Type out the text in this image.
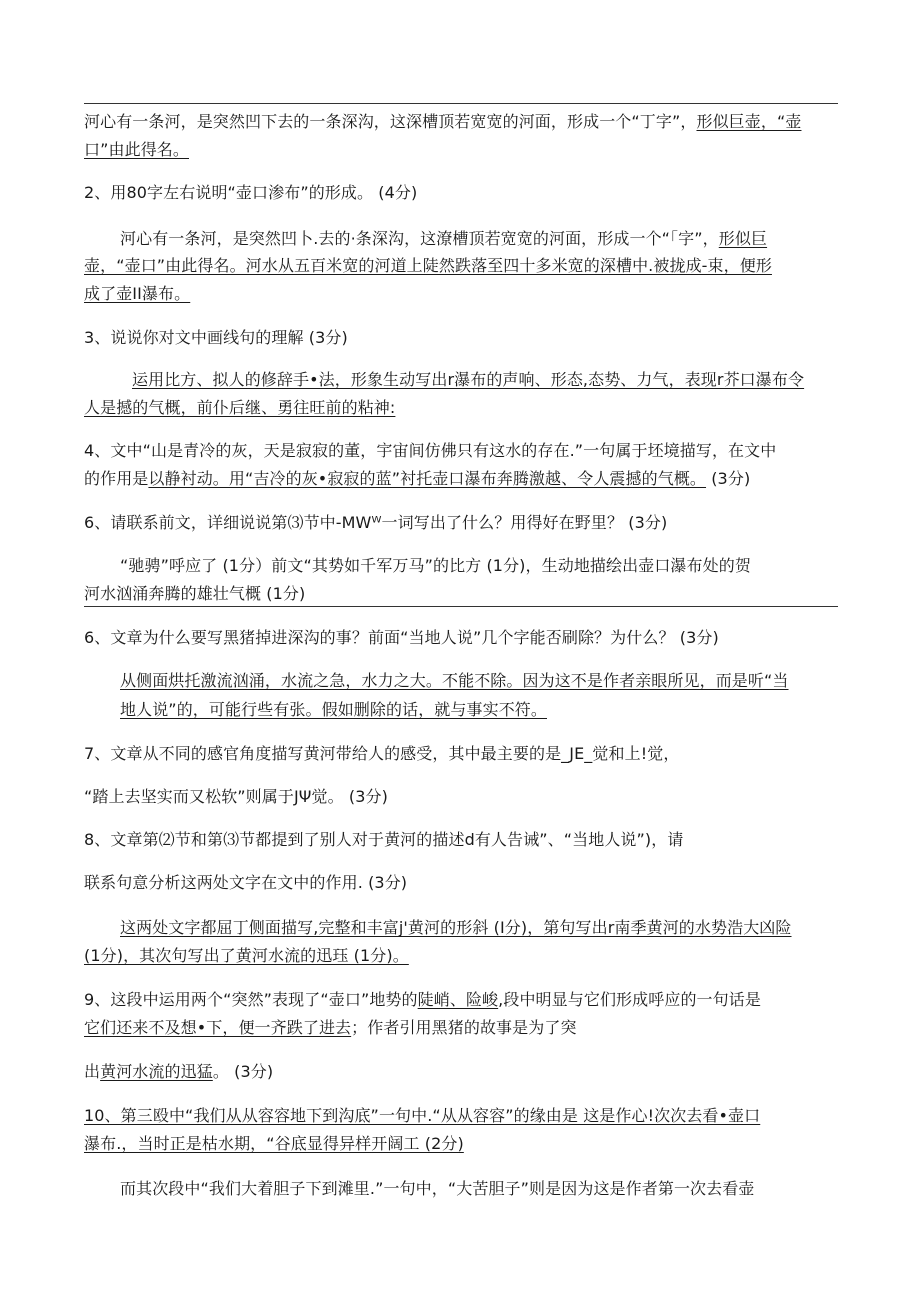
河心有一条河，是突然凹下去的一条深沟，这深槽顶若宽宽的河面，形成一个“丁字”，形似巨壶，“壶

口”由此得名。

2、用80字左右说明“壶口渗布”的形成。 (4分)

河心有一条河，是突然凹卜.去的·条深沟，这潦槽顶若宽宽的河面，形成一个“「字”，形似巨

壶，“壶口”由此得名。河水从五百米宽的河道上陡然跌落至四十多米宽的深槽中.被拢成-束，便形

成了壶II瀑布。

3、说说你对文中画线句的理解 (3分)

运用比方、拟人的修辞手•法，形象生动写出r瀑布的声响、形态,态势、力气，表现r芥口瀑布令

人是撼的气概，前仆后继、勇往旺前的粘神:

4、文中“山是青冷的灰，天是寂寂的董，宇宙间仿佛只有这水的存在.”一句属于坯境描写，在文中

的作用是以静衬动。用“吉冷的灰•寂寂的蓝”衬托壶口瀑布奔腾激越、令人震撼的气概。 (3分)

6、请联系前文，详细说说第⑶节中-MWᵂ一词写出了什么？用得好在野里？ (3分)

“驰骋”呼应了 (1分）前文“其势如千军万马”的比方 (1分)，生动地描绘出壶口瀑布处的贺

河水汹涌奔腾的雄壮气概 (1分)

6、文章为什么要写黑猪掉进深沟的事？前面“当地人说”几个字能否刷除？为什么？ (3分)

从侧面烘托激流汹涌，水流之急，水力之大。不能不除。因为这不是作者亲眼所见，而是听“当

地人说”的，可能行些有张。假如删除的话，就与事实不符。

7、文章从不同的感官角度描写黄河带给人的感受，其中最主要的是_JE_觉和上!觉，

“踏上去坚实而又松软”则属于JΨ觉。 (3分)

8、文章第⑵节和第⑶节都提到了别人对于黄河的描述d有人告诫”、“当地人说”)，请

联系句意分析这两处文字在文中的作用. (3分)

这两处文字都屈丁侧面描写,完整和丰富j'黄河的形斜 (I分)，第句写出r南季黄河的水势浩大凶险

(1分)，其次句写出了黄河水流的迅珏 (1分)。

9、这段中运用两个“突然”表现了“壶口”地势的陡峭、险峻,段中明显与它们形成呼应的一句话是

它们还来不及想•下，便一齐跌了进去；作者引用黑猪的故事是为了突

出黄河水流的迅猛。 (3分)

10、第三殴中“我们从从容容地下到沟底”一句中.“从从容容”的缘由是 这是作心!次次去看•壶口

瀑布.，当时正是枯水期，“谷底显得异样开阔工 (2分)

而其次段中“我们大着胆子下到滩里.”一句中，“大苦胆子”则是因为这是作者第一次去看壶
